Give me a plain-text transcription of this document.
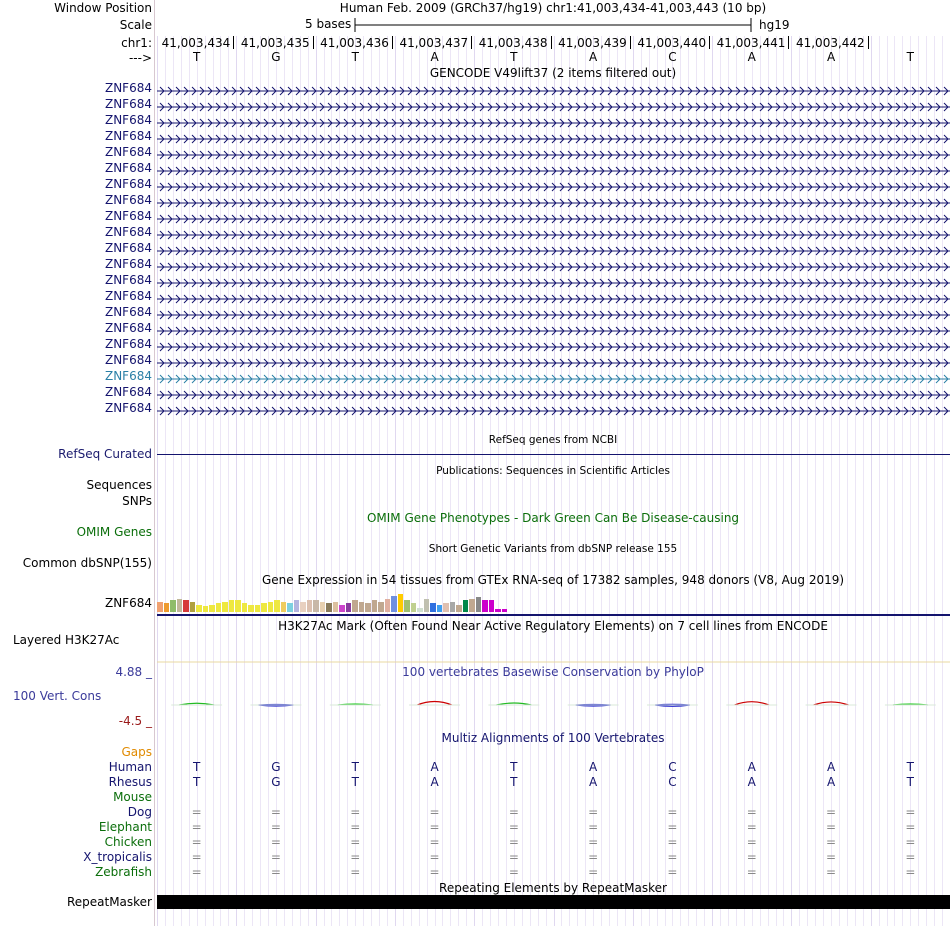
Window Position	Human Feb. 2009 (GRCh37/hg19) chr1:41,003,434-41,003,443 (10 bp)
Scale	5 bases	hg19
chr1: 41,003,434 41,003,435 41,003,436 41,003,437 41,003,438 41,003,439 41,003,440 41,003,441 41,003,442
--->	T	G	T	A	T	A	C	A	A	T
GENCODE V49lift37 (2 items filtered out)
ZNF684
ZNF684
ZNF684
ZNF684
ZNF684
ZNF684
ZNF684
ZNF684
ZNF684
ZNF684
ZNF684
ZNF684
ZNF684
ZNF684
ZNF684
ZNF684
ZNF684
ZNF684
ZNF684
ZNF684
ZNF684
RefSeq genes from NCBI
RefSeq Curated
Publications: Sequences in Scientific Articles
Sequences
SNPs
OMIM Gene Phenotypes - Dark Green Can Be Disease-causing
OMIM Genes
Short Genetic Variants from dbSNP release 155
Common dbSNP(155)
Gene Expression in 54 tissues from GTEx RNA-seq of 17382 samples, 948 donors (V8, Aug 2019)
ZNF684
H3K27Ac Mark (Often Found Near Active Regulatory Elements) on 7 cell lines from ENCODE
Layered H3K27Ac
100 vertebrates Basewise Conservation by PhyloP
4.88 _
100 Vert. Cons
-4.5 _
Multiz Alignments of 100 Vertebrates
Gaps
Human	T	G	T	A	T	A	C	A	A	T
Rhesus	T	G	T	A	T	A	C	A	A	T
Mouse
Dog	=	=	=	=	=	=	=	=	=	=
Elephant	=	=	=	=	=	=	=	=	=	=
Chicken	=	=	=	=	=	=	=	=	=	=
X_tropicalis	=	=	=	=	=	=	=	=	=	=
Zebrafish	=	=	=	=	=	=	=	=	=	=
Repeating Elements by RepeatMasker
RepeatMasker
